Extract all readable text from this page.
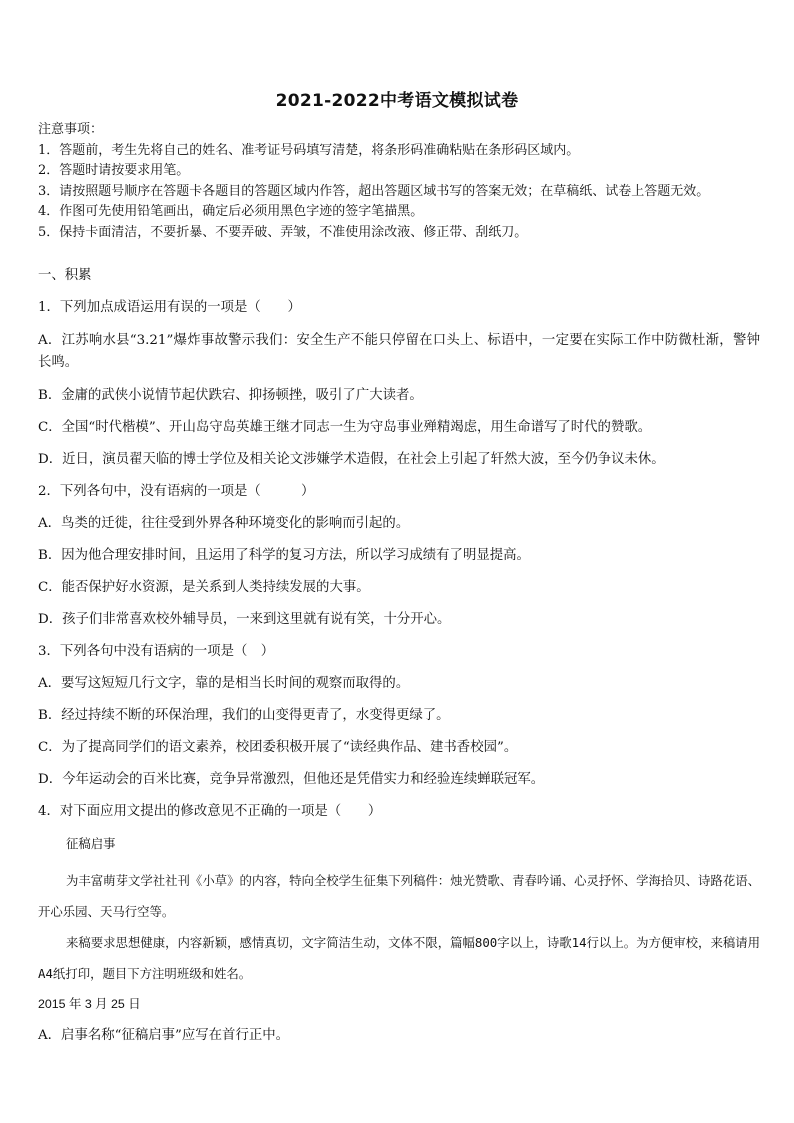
2021-2022中考语文模拟试卷
注意事项：
1．答题前，考生先将自己的姓名、准考证号码填写清楚，将条形码准确粘贴在条形码区域内。
2．答题时请按要求用笔。
3．请按照题号顺序在答题卡各题目的答题区域内作答，超出答题区域书写的答案无效；在草稿纸、试卷上答题无效。
4．作图可先使用铅笔画出，确定后必须用黑色字迹的签字笔描黑。
5．保持卡面清洁，不要折暴、不要弄破、弄皱，不准使用涂改液、修正带、刮纸刀。
一、积累
1．下列加点成语运用有误的一项是（　　）
A．江苏响水县“3.21”爆炸事故警示我们：安全生产不能只停留在口头上、标语中，一定要在实际工作中防微杜渐，警钟长鸣。
B．金庸的武侠小说情节起伏跌宕、抑扬顿挫，吸引了广大读者。
C．全国“时代楷模”、开山岛守岛英雄王继才同志一生为守岛事业殚精竭虑，用生命谱写了时代的赞歌。
D．近日，演员翟天临的博士学位及相关论文涉嫌学术造假，在社会上引起了轩然大波，至今仍争议未休。
2．下列各句中，没有语病的一项是（　　　）
A．鸟类的迁徙，往往受到外界各种环境变化的影响而引起的。
B．因为他合理安排时间，且运用了科学的复习方法，所以学习成绩有了明显提高。
C．能否保护好水资源，是关系到人类持续发展的大事。
D．孩子们非常喜欢校外辅导员，一来到这里就有说有笑，十分开心。
3．下列各句中没有语病的一项是（　）
A．要写这短短几行文字，靠的是相当长时间的观察而取得的。
B．经过持续不断的环保治理，我们的山变得更青了，水变得更绿了。
C．为了提高同学们的语文素养，校团委积极开展了“读经典作品、建书香校园”。
D．今年运动会的百米比赛，竞争异常激烈，但他还是凭借实力和经验连续蝉联冠军。
4．对下面应用文提出的修改意见不正确的一项是（　　）
征稿启事
为丰富萌芽文学社社刊《小草》的内容，特向全校学生征集下列稿件：烛光赞歌、青春吟诵、心灵抒怀、学海拾贝、诗路花语、开心乐园、天马行空等。
来稿要求思想健康，内容新颖，感情真切，文字简洁生动，文体不限，篇幅800字以上，诗歌14行以上。为方便审校，来稿请用A4纸打印，题目下方注明班级和姓名。
2015 年 3 月 25 日
A．启事名称“征稿启事”应写在首行正中。
